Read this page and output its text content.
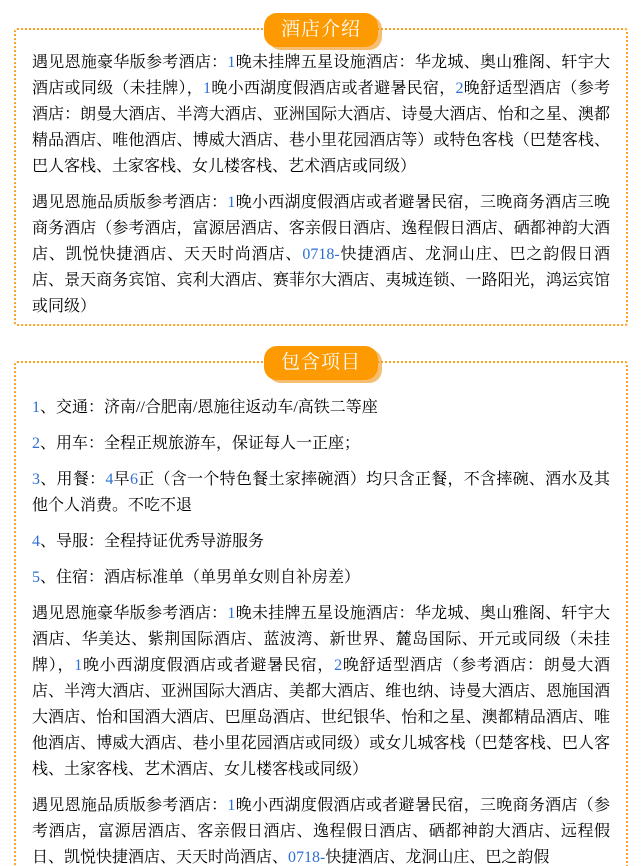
酒店介绍

遇见恩施豪华版参考酒店：1晚未挂牌五星设施酒店：华龙城、奥山雅阁、轩宇大酒店或同级（未挂牌），1晚小西湖度假酒店或者避暑民宿，2晚舒适型酒店（参考酒店：朗曼大酒店、半湾大酒店、亚洲国际大酒店、诗曼大酒店、怡和之星、澳都精品酒店、唯他酒店、博威大酒店、巷小里花园酒店等）或特色客栈（巴楚客栈、巴人客栈、土家客栈、女儿楼客栈、艺术酒店或同级）

遇见恩施品质版参考酒店：1晚小西湖度假酒店或者避暑民宿，三晚商务酒店三晚商务酒店（参考酒店，富源居酒店、客亲假日酒店、逸程假日酒店、硒都神韵大酒店、凯悦快捷酒店、天天时尚酒店、0718-快捷酒店、龙洞山庄、巴之韵假日酒店、景天商务宾馆、宾利大酒店、赛菲尔大酒店、夷城连锁、一路阳光，鸿运宾馆或同级）

包含项目

1、交通：济南//合肥南/恩施往返动车/高铁二等座

2、用车：全程正规旅游车，保证每人一正座；

3、用餐：4早6正（含一个特色餐土家摔碗酒）均只含正餐，不含摔碗、酒水及其他个人消费。不吃不退

4、导服：全程持证优秀导游服务

5、住宿：酒店标准单（单男单女则自补房差）

遇见恩施豪华版参考酒店：1晚未挂牌五星设施酒店：华龙城、奥山雅阁、轩宇大酒店、华美达、紫荆国际酒店、蓝波湾、新世界、麓岛国际、开元或同级（未挂牌），1晚小西湖度假酒店或者避暑民宿，2晚舒适型酒店（参考酒店：朗曼大酒店、半湾大酒店、亚洲国际大酒店、美都大酒店、维也纳、诗曼大酒店、恩施国酒大酒店、怡和国酒大酒店、巴厘岛酒店、世纪银华、怡和之星、澳都精品酒店、唯他酒店、博威大酒店、巷小里花园酒店或同级）或女儿城客栈（巴楚客栈、巴人客栈、土家客栈、艺术酒店、女儿楼客栈或同级）

遇见恩施品质版参考酒店：1晚小西湖度假酒店或者避暑民宿，三晚商务酒店（参考酒店，富源居酒店、客亲假日酒店、逸程假日酒店、硒都神韵大酒店、远程假日、凯悦快捷酒店、天天时尚酒店、0718-快捷酒店、龙洞山庄、巴之韵假
